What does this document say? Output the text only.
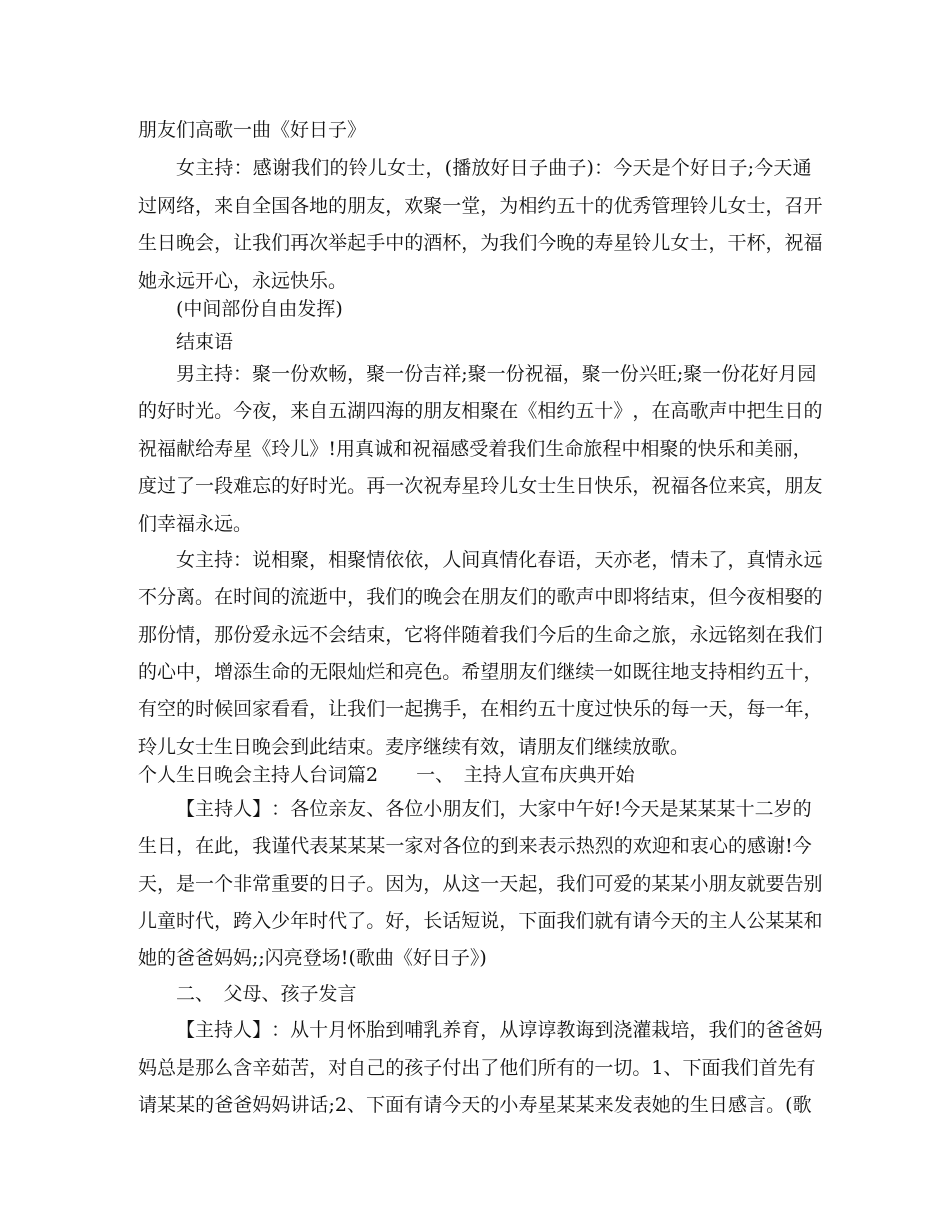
朋友们高歌一曲《好日子》
女 主 持 ： 感 谢 我 们 的 铃 儿 女 士 ， ( 播 放 好 日 子 曲 子 ) ： 今 天 是 个 好 日 子 ; 今 天 通
过 网 络 ， 来 自 全 国 各 地 的 朋 友 ， 欢 聚 一 堂 ， 为 相 约 五 十 的 优 秀 管 理 铃 儿 女 士 ， 召 开
生 日 晚 会 ， 让 我 们 再 次 举 起 手 中 的 酒 杯 ， 为 我 们 今 晚 的 寿 星 铃 儿 女 士 ， 干 杯 ， 祝 福
她永远开心，永远快乐。
(中间部份自由发挥)
结束语
男 主 持 ： 聚 一 份 欢 畅 ， 聚 一 份 吉 祥 ; 聚 一 份 祝 福 ， 聚 一 份 兴 旺 ; 聚 一 份 花 好 月 园
的 好 时 光 。 今 夜 ， 来 自 五 湖 四 海 的 朋 友 相 聚 在 《 相 约 五 十 》 ， 在 高 歌 声 中 把 生 日 的
祝 福 献 给 寿 星 《 玲 儿 》 ! 用 真 诚 和 祝 福 感 受 着 我 们 生 命 旅 程 中 相 聚 的 快 乐 和 美 丽 ，
度 过 了 一 段 难 忘 的 好 时 光 。 再 一 次 祝 寿 星 玲 儿 女 士 生 日 快 乐 ， 祝 福 各 位 来 宾 ， 朋 友
们幸福永远。
女 主 持 ： 说 相 聚 ， 相 聚 情 依 依 ， 人 间 真 情 化 春 语 ， 天 亦 老 ， 情 未 了 ， 真 情 永 远
不 分 离 。 在 时 间 的 流 逝 中 ， 我 们 的 晚 会 在 朋 友 们 的 歌 声 中 即 将 结 束 ， 但 今 夜 相 娶 的
那 份 情 ， 那 份 爱 永 远 不 会 结 束 ， 它 将 伴 随 着 我 们 今 后 的 生 命 之 旅 ， 永 远 铭 刻 在 我 们
的 心 中 ， 增 添 生 命 的 无 限 灿 烂 和 亮 色 。 希 望 朋 友 们 继 续 一 如 既 往 地 支 持 相 约 五 十 ，
有 空 的 时 候 回 家 看 看 ， 让 我 们 一 起 携 手 ， 在 相 约 五 十 度 过 快 乐 的 每 一 天 ， 每 一 年 ，
玲儿女士生日晚会到此结束。麦序继续有效，请朋友们继续放歌。
个人生日晚会主持人台词篇2　　一、　主持人宣布庆典开始
【 主 持 人 】 ： 各 位 亲 友 、 各 位 小 朋 友 们 ， 大 家 中 午 好 ! 今 天 是 某 某 某 十 二 岁 的
生 日 ， 在 此 ， 我 谨 代 表 某 某 某 一 家 对 各 位 的 到 来 表 示 热 烈 的 欢 迎 和 衷 心 的 感 谢 ! 今
天 ， 是 一 个 非 常 重 要 的 日 子 。 因 为 ， 从 这 一 天 起 ， 我 们 可 爱 的 某 某 小 朋 友 就 要 告 别
儿 童 时 代 ， 跨 入 少 年 时 代 了 。 好 ， 长 话 短 说 ， 下 面 我 们 就 有 请 今 天 的 主 人 公 某 某 和
她的爸爸妈妈;;闪亮登场!(歌曲《好日子》)
二、　父母、孩子发言
【 主 持 人 】 ： 从 十 月 怀 胎 到 哺 乳 养 育 ， 从 谆 谆 教 诲 到 浇 灌 栽 培 ， 我 们 的 爸 爸 妈
妈 总 是 那 么 含 辛 茹 苦 ， 对 自 己 的 孩 子 付 出 了 他 们 所 有 的 一 切 。 1 、 下 面 我 们 首 先 有
请 某 某 的 爸 爸 妈 妈 讲 话 ; 2 、 下 面 有 请 今 天 的 小 寿 星 某 某 来 发 表 她 的 生 日 感 言 。 ( 歌
